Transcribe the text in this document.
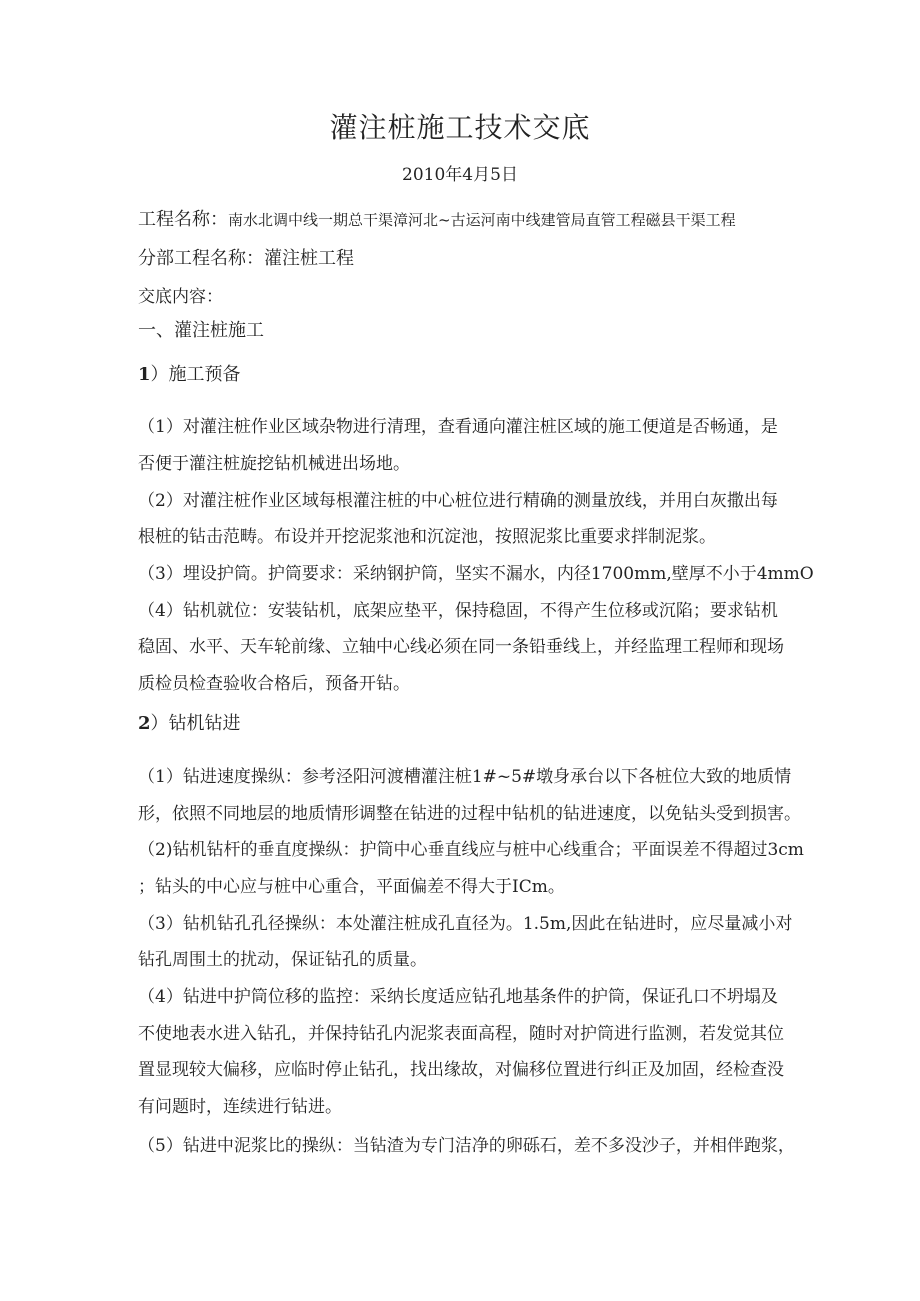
灌注桩施工技术交底
2010年4月5日
工程名称：南水北调中线一期总干渠漳河北~古运河南中线建管局直管工程磁县干渠工程
分部工程名称：灌注桩工程
交底内容：
一、灌注桩施工
1）施工预备
（1）对灌注桩作业区域杂物进行清理，查看通向灌注桩区域的施工便道是否畅通，是
否便于灌注桩旋挖钻机械进出场地。
（2）对灌注桩作业区域每根灌注桩的中心桩位进行精确的测量放线，并用白灰撒出每
根桩的钻击范畴。布设并开挖泥浆池和沉淀池，按照泥浆比重要求拌制泥浆。
（3）埋设护筒。护筒要求：采纳钢护筒，坚实不漏水，内径1700mm,壁厚不小于4mmO
（4）钻机就位：安装钻机，底架应垫平，保持稳固，不得产生位移或沉陷；要求钻机
稳固、水平、天车轮前缘、立轴中心线必须在同一条铅垂线上，并经监理工程师和现场
质检员检查验收合格后，预备开钻。
2）钻机钻进
（1）钻进速度操纵：参考泾阳河渡槽灌注桩1#~5#墩身承台以下各桩位大致的地质情
形，依照不同地层的地质情形调整在钻进的过程中钻机的钻进速度，以免钻头受到损害。
（2)钻机钻杆的垂直度操纵：护筒中心垂直线应与桩中心线重合；平面误差不得超过3cm
；钻头的中心应与桩中心重合，平面偏差不得大于ICm。
（3）钻机钻孔孔径操纵：本处灌注桩成孔直径为。1.5m,因此在钻进时，应尽量减小对
钻孔周围土的扰动，保证钻孔的质量。
（4）钻进中护筒位移的监控：采纳长度适应钻孔地基条件的护筒，保证孔口不坍塌及
不使地表水进入钻孔，并保持钻孔内泥浆表面高程，随时对护筒进行监测，若发觉其位
置显现较大偏移，应临时停止钻孔，找出缘故，对偏移位置进行纠正及加固，经检查没
有问题时，连续进行钻进。
（5）钻进中泥浆比的操纵：当钻渣为专门洁净的卵砾石，差不多没沙子，并相伴跑浆，
